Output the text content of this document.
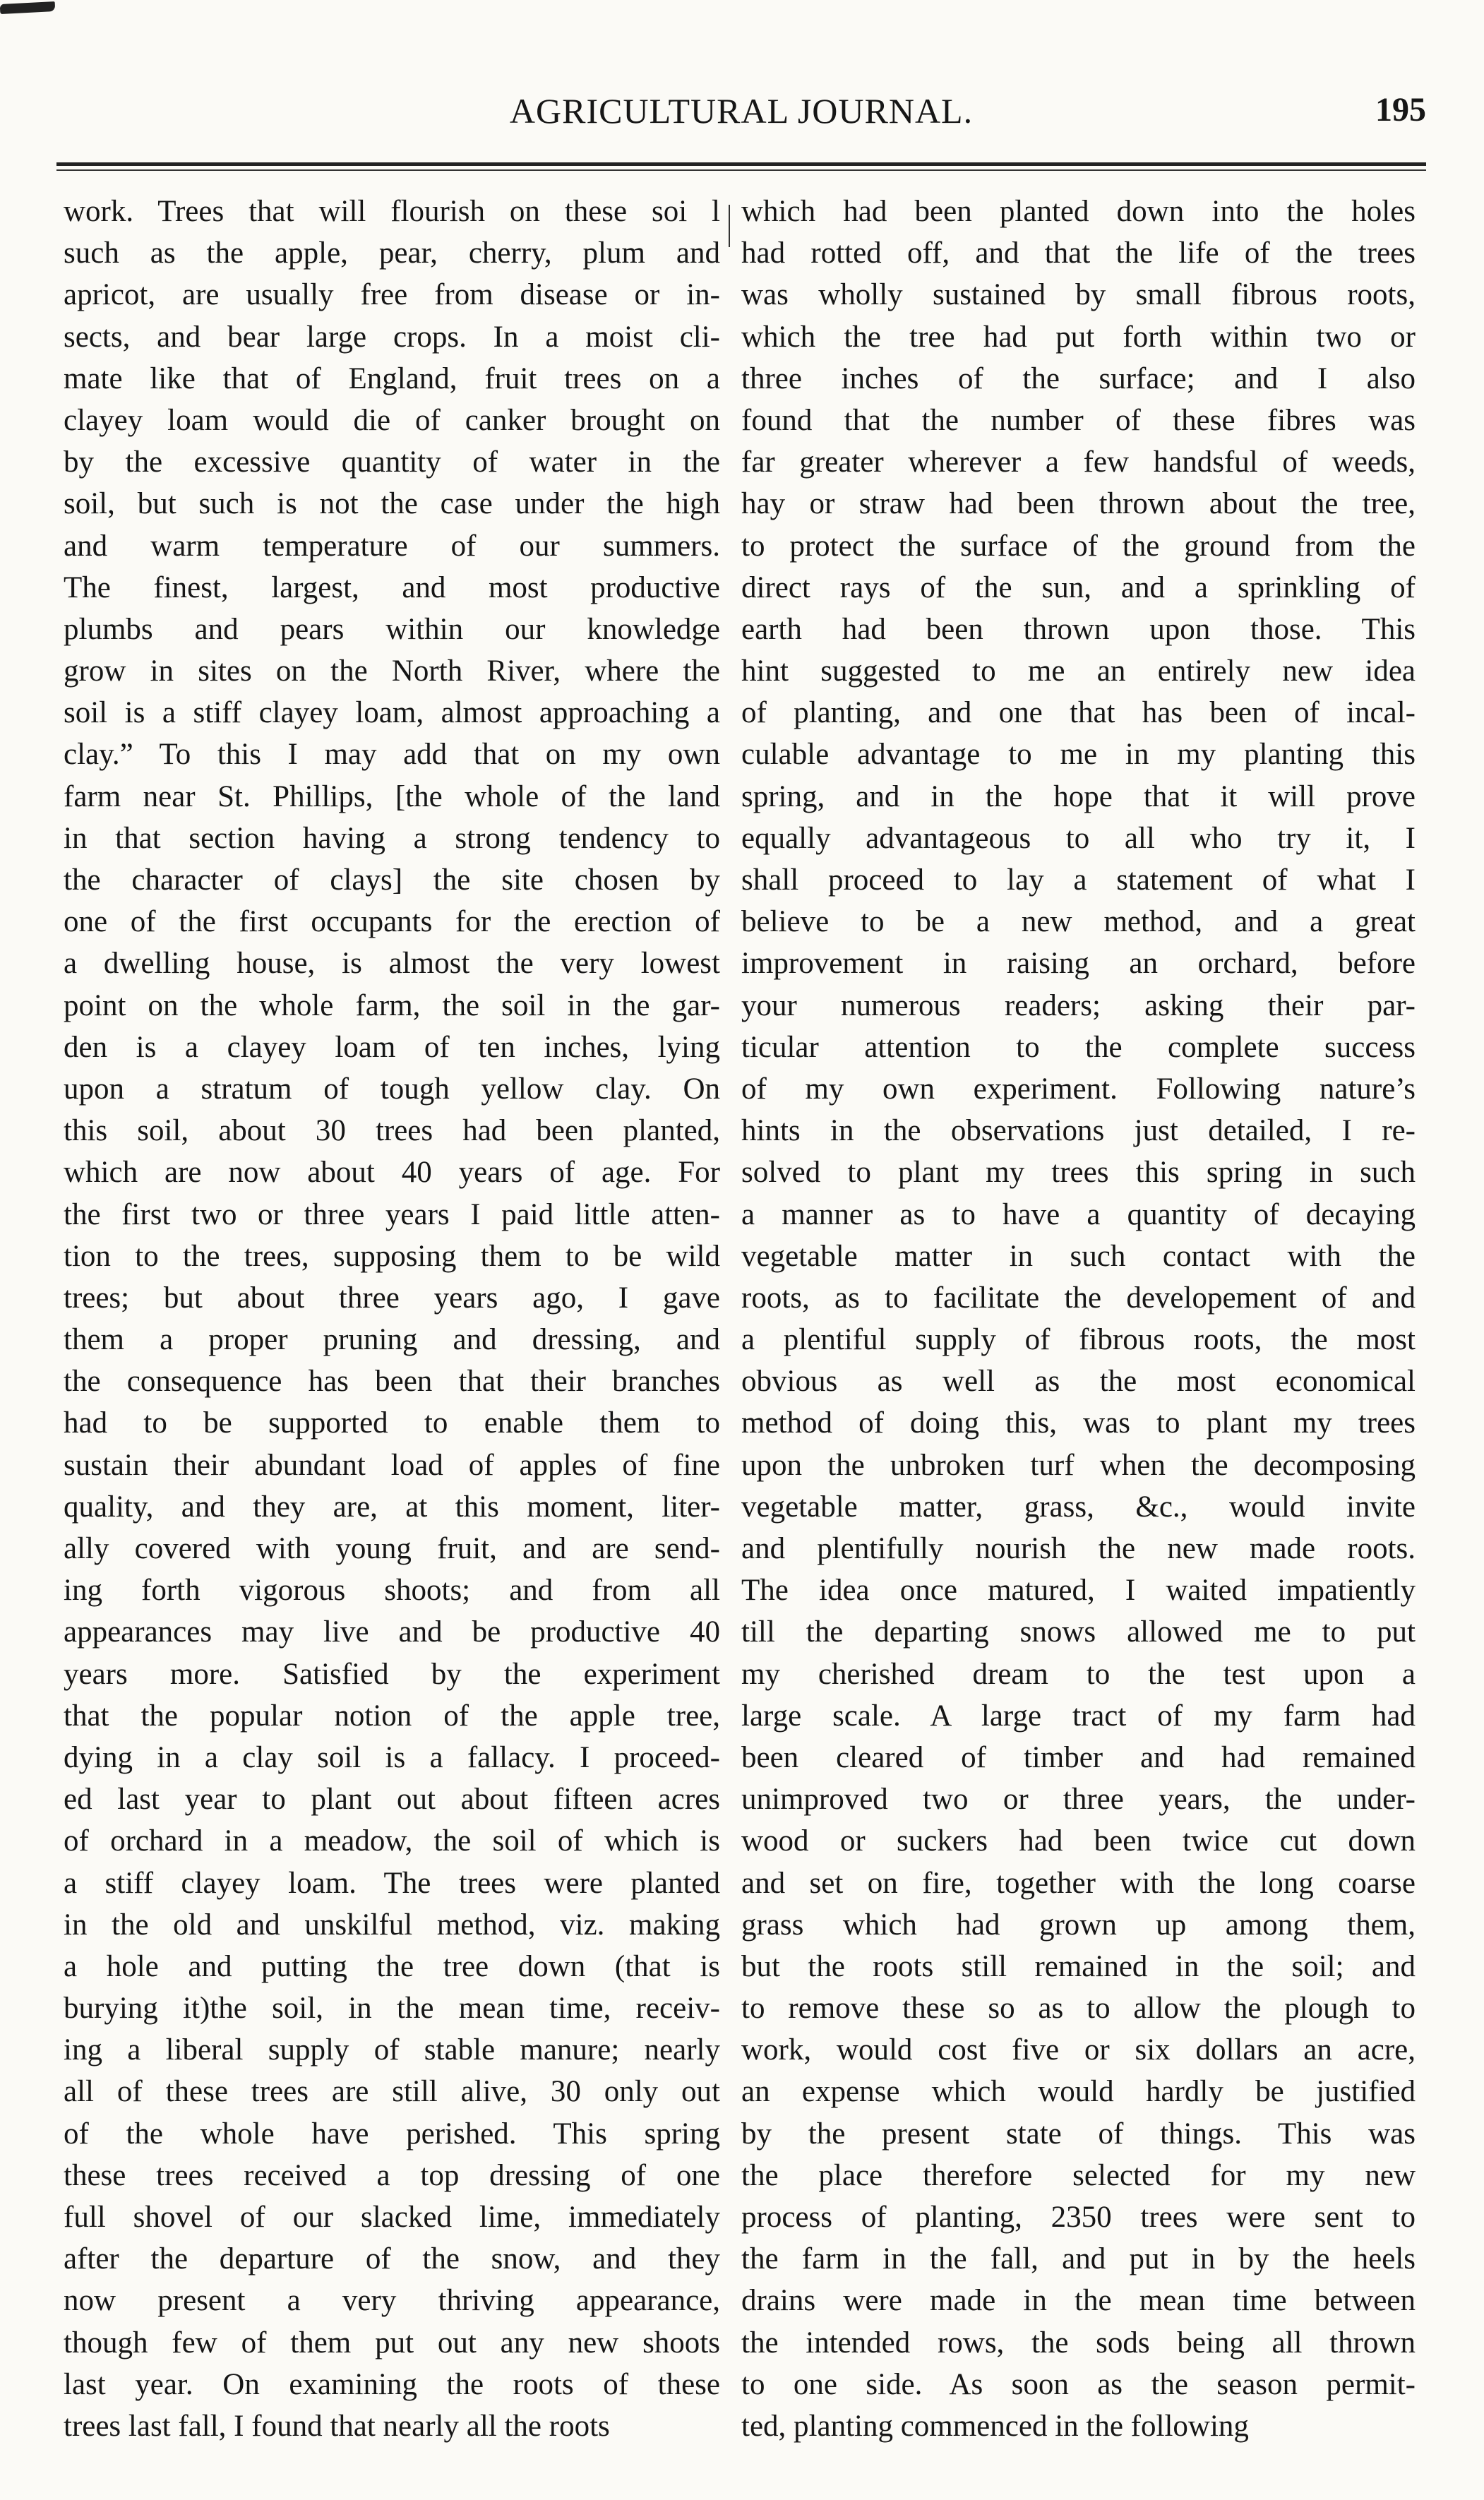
AGRICULTURAL JOURNAL.	195
work. Trees that will flourish on these soi l
such as the apple, pear, cherry, plum and
apricot, are usually free from disease or in-
sects, and bear large crops. In a moist cli-
mate like that of England, fruit trees on a
clayey loam would die of canker brought on
by the excessive quantity of water in the
soil, but such is not the case under the high
and warm temperature of our summers.
The finest, largest, and most productive
plumbs and pears within our knowledge
grow in sites on the North River, where the
soil is a stiff clayey loam, almost approaching a
clay.” To this I may add that on my own
farm near St. Phillips, [the whole of the land
in that section having a strong tendency to
the character of clays] the site chosen by
one of the first occupants for the erection of
a dwelling house, is almost the very lowest
point on the whole farm, the soil in the gar-
den is a clayey loam of ten inches, lying
upon a stratum of tough yellow clay. On
this soil, about 30 trees had been planted,
which are now about 40 years of age. For
the first two or three years I paid little atten-
tion to the trees, supposing them to be wild
trees; but about three years ago, I gave
them a proper pruning and dressing, and
the consequence has been that their branches
had to be supported to enable them to
sustain their abundant load of apples of fine
quality, and they are, at this moment, liter-
ally covered with young fruit, and are send-
ing forth vigorous shoots; and from all
appearances may live and be productive 40
years more. Satisfied by the experiment
that the popular notion of the apple tree,
dying in a clay soil is a fallacy. I proceed-
ed last year to plant out about fifteen acres
of orchard in a meadow, the soil of which is
a stiff clayey loam. The trees were planted
in the old and unskilful method, viz. making
a hole and putting the tree down (that is
burying it)the soil, in the mean time, receiv-
ing a liberal supply of stable manure; nearly
all of these trees are still alive, 30 only out
of the whole have perished. This spring
these trees received a top dressing of one
full shovel of our slacked lime, immediately
after the departure of the snow, and they
now present a very thriving appearance,
though few of them put out any new shoots
last year. On examining the roots of these
trees last fall, I found that nearly all the roots
which had been planted down into the holes
had rotted off, and that the life of the trees
was wholly sustained by small fibrous roots,
which the tree had put forth within two or
three inches of the surface; and I also
found that the number of these fibres was
far greater wherever a few handsful of weeds,
hay or straw had been thrown about the tree,
to protect the surface of the ground from the
direct rays of the sun, and a sprinkling of
earth had been thrown upon those. This
hint suggested to me an entirely new idea
of planting, and one that has been of incal-
culable advantage to me in my planting this
spring, and in the hope that it will prove
equally advantageous to all who try it, I
shall proceed to lay a statement of what I
believe to be a new method, and a great
improvement in raising an orchard, before
your numerous readers; asking their par-
ticular attention to the complete success
of my own experiment. Following nature’s
hints in the observations just detailed, I re-
solved to plant my trees this spring in such
a manner as to have a quantity of decaying
vegetable matter in such contact with the
roots, as to facilitate the developement of and
a plentiful supply of fibrous roots, the most
obvious as well as the most economical
method of doing this, was to plant my trees
upon the unbroken turf when the decomposing
vegetable matter, grass, &c., would invite
and plentifully nourish the new made roots.
The idea once matured, I waited impatiently
till the departing snows allowed me to put
my cherished dream to the test upon a
large scale. A large tract of my farm had
been cleared of timber and had remained
unimproved two or three years, the under-
wood or suckers had been twice cut down
and set on fire, together with the long coarse
grass which had grown up among them,
but the roots still remained in the soil; and
to remove these so as to allow the plough to
work, would cost five or six dollars an acre,
an expense which would hardly be justified
by the present state of things. This was
the place therefore selected for my new
process of planting, 2350 trees were sent to
the farm in the fall, and put in by the heels
drains were made in the mean time between
the intended rows, the sods being all thrown
to one side. As soon as the season permit-
ted, planting commenced in the following
